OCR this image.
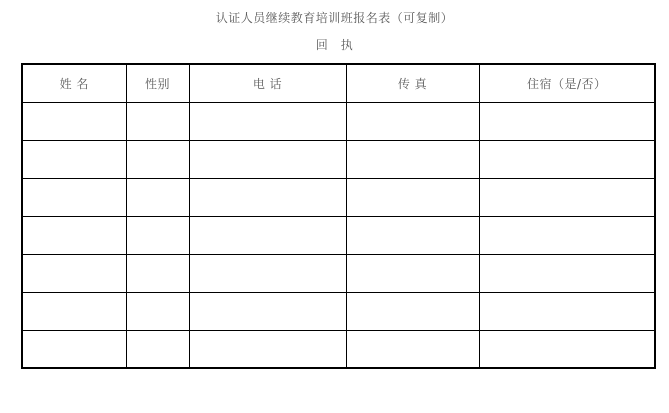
认证人员继续教育培训班报名表（可复制）
回　执
姓 名	性别	电 话	传 真	住宿（是/否）
